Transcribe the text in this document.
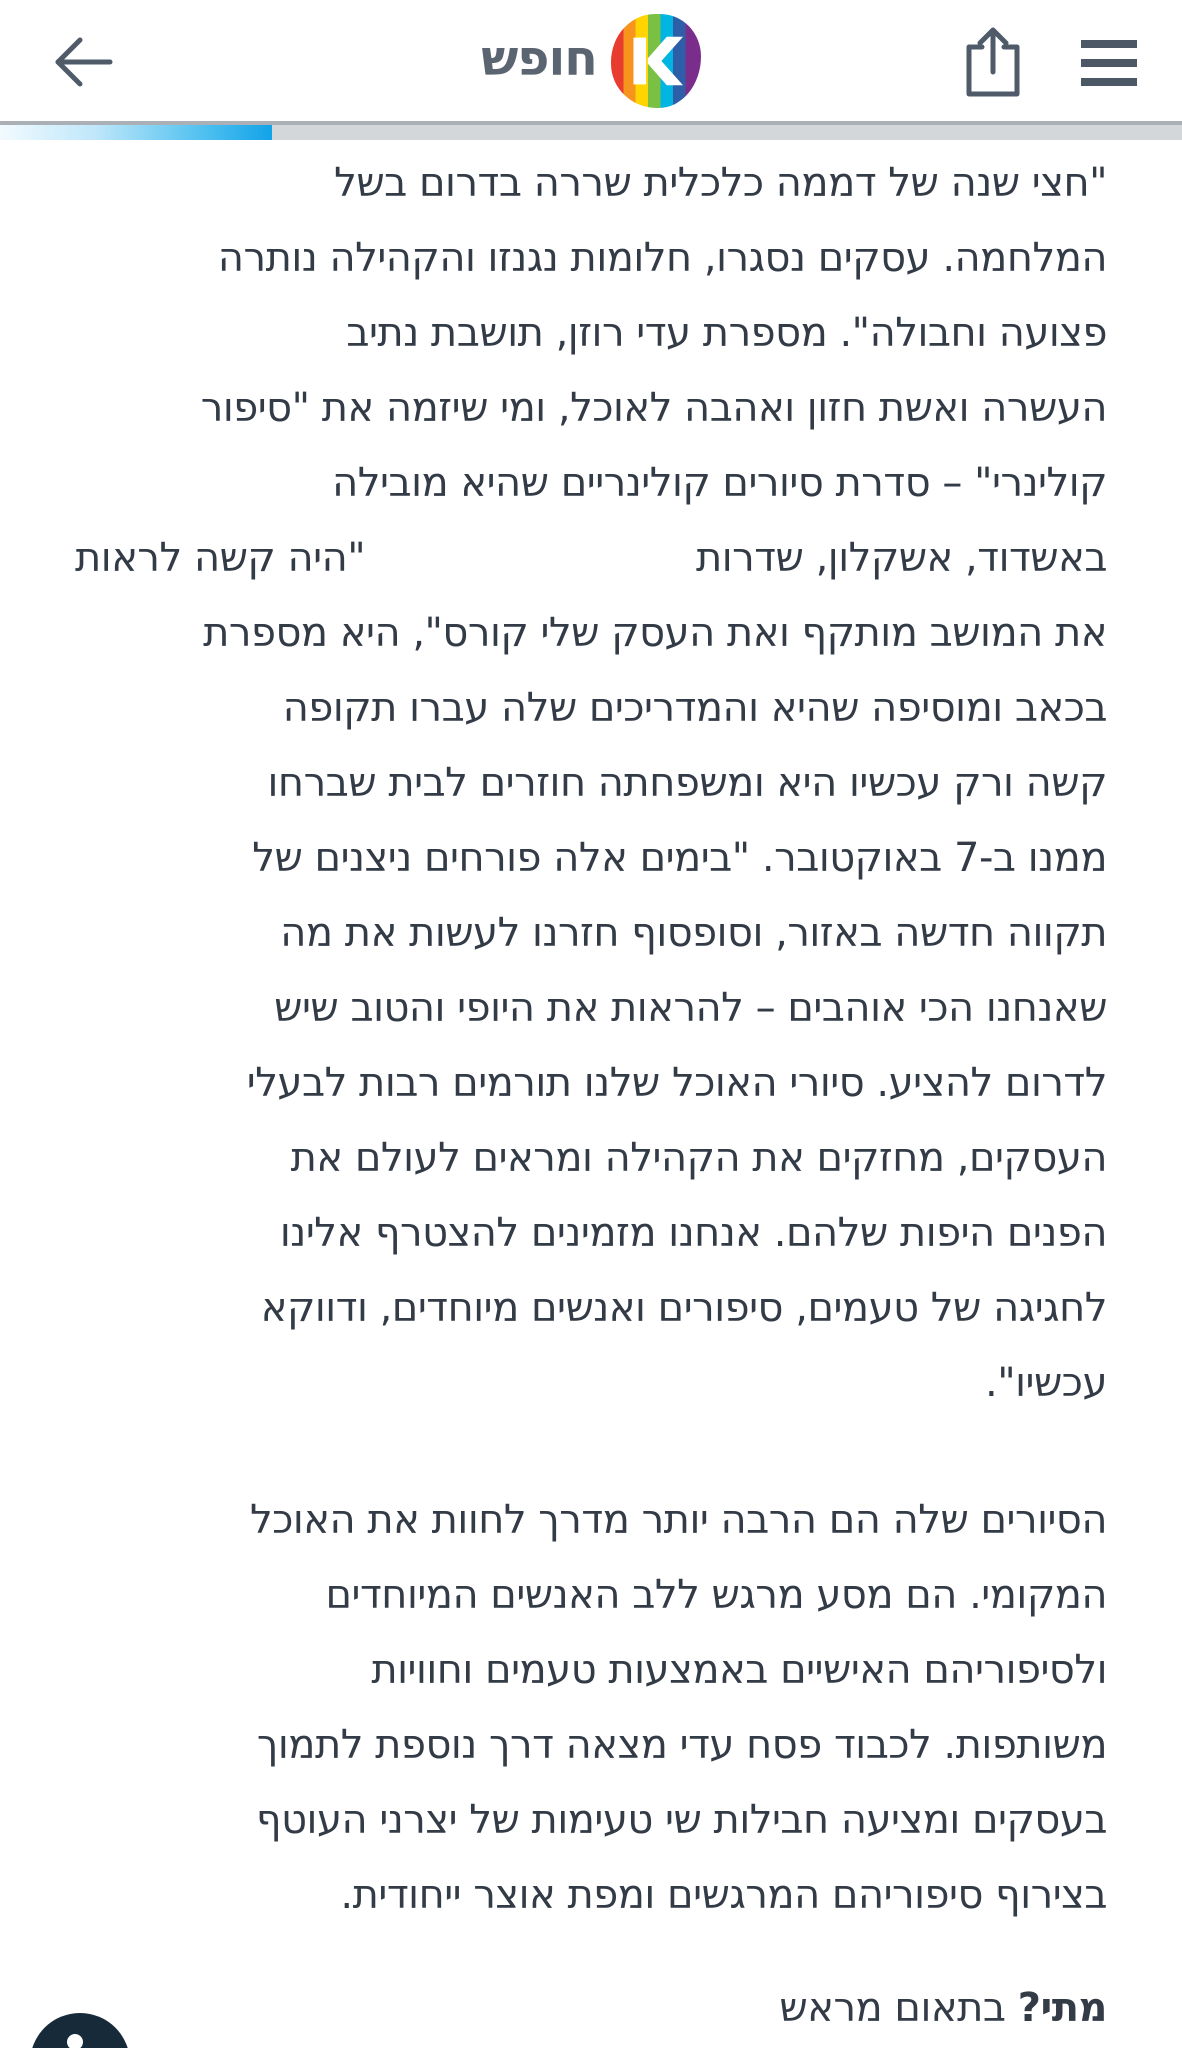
חופש
"חצי שנה של דממה כלכלית שררה בדרום בשל
המלחמה. עסקים נסגרו, חלומות נגנזו והקהילה נותרה
פצועה וחבולה". מספרת עדי רוזן, תושבת נתיב
העשרה ואשת חזון ואהבה לאוכל, ומי שיזמה את "סיפור
קולינרי" – סדרת סיורים קולינריים שהיא מובילה
באשדוד, אשקלון, שדרות
"היה קשה לראות
את המושב מותקף ואת העסק שלי קורס", היא מספרת
בכאב ומוסיפה שהיא והמדריכים שלה עברו תקופה
קשה ורק עכשיו היא ומשפחתה חוזרים לבית שברחו
ממנו ב-7 באוקטובר. "בימים אלה פורחים ניצנים של
תקווה חדשה באזור, וסופסוף חזרנו לעשות את מה
שאנחנו הכי אוהבים – להראות את היופי והטוב שיש
לדרום להציע. סיורי האוכל שלנו תורמים רבות לבעלי
העסקים, מחזקים את הקהילה ומראים לעולם את
הפנים היפות שלהם. אנחנו מזמינים להצטרף אלינו
לחגיגה של טעמים, סיפורים ואנשים מיוחדים, ודווקא
עכשיו".
הסיורים שלה הם הרבה יותר מדרך לחוות את האוכל
המקומי. הם מסע מרגש ללב האנשים המיוחדים
ולסיפוריהם האישיים באמצעות טעמים וחוויות
משותפות. לכבוד פסח עדי מצאה דרך נוספת לתמוך
בעסקים ומציעה חבילות שי טעימות של יצרני העוטף
בצירוף סיפוריהם המרגשים ומפת אוצר ייחודית.
מתי? בתאום מראש
